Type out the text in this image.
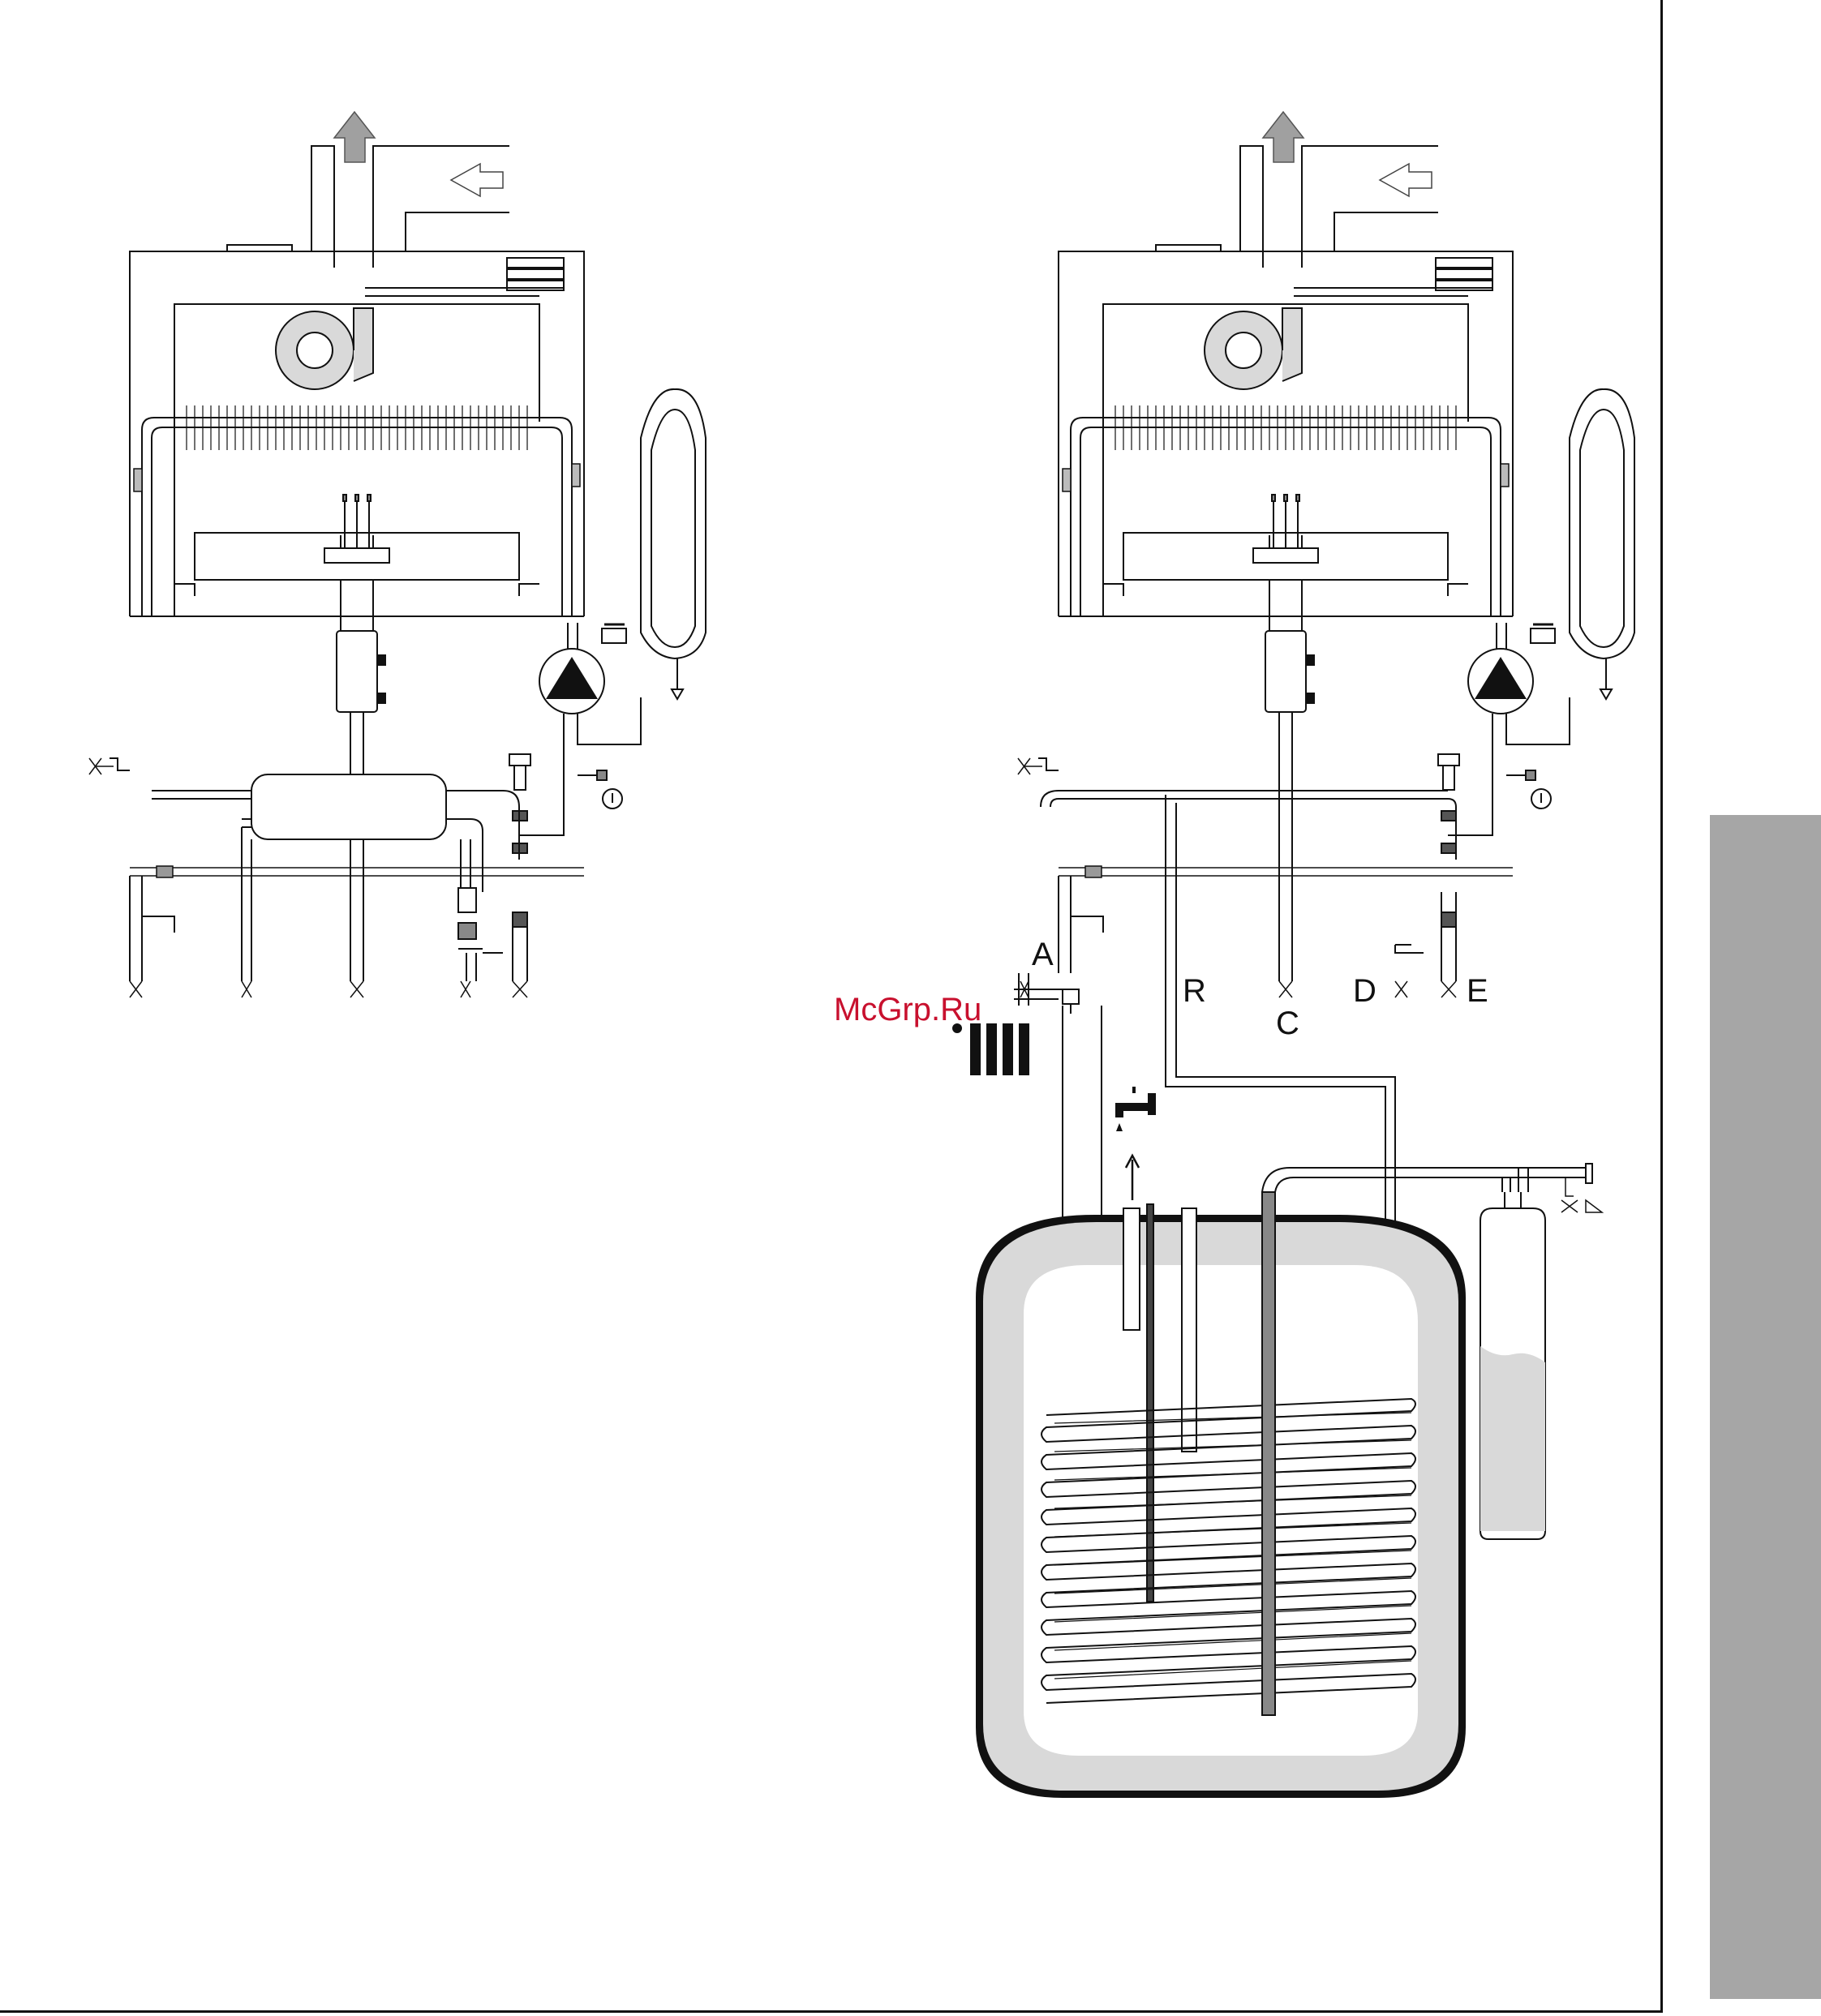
A
R
C
D	E
McGrp.Ru
